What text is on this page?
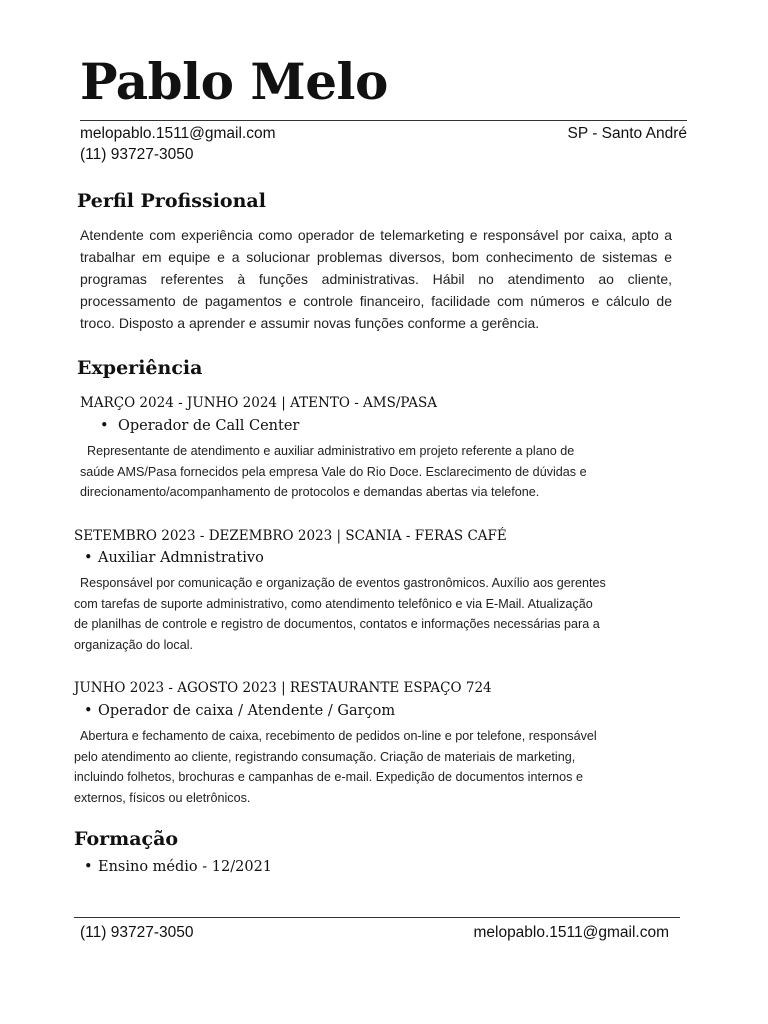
Pablo Melo
melopablo.1511@gmail.com	SP - Santo André
(11) 93727-3050
Perfil Profissional

Atendente com experiência como operador de telemarketing e responsável por caixa, apto a trabalhar em equipe e a solucionar problemas diversos, bom conhecimento de sistemas e programas referentes à funções administrativas. Hábil no atendimento ao cliente, processamento de pagamentos e controle financeiro, facilidade com números e cálculo de troco. Disposto a aprender e assumir novas funções conforme a gerência.

Experiência
MARÇO 2024 - JUNHO 2024 | ATENTO - AMS/PASA
• Operador de Call Center
Representante de atendimento e auxiliar administrativo em projeto referente a plano de
saúde AMS/Pasa fornecidos pela empresa Vale do Rio Doce. Esclarecimento de dúvidas e
direcionamento/acompanhamento de protocolos e demandas abertas via telefone.
SETEMBRO 2023 - DEZEMBRO 2023 | SCANIA - FERAS CAFÉ
• Auxiliar Admnistrativo
Responsável por comunicação e organização de eventos gastronômicos. Auxílio aos gerentes
com tarefas de suporte administrativo, como atendimento telefônico e via E-Mail. Atualização
de planilhas de controle e registro de documentos, contatos e informações necessárias para a
organização do local.
JUNHO 2023 - AGOSTO 2023 | RESTAURANTE ESPAÇO 724
• Operador de caixa / Atendente / Garçom
Abertura e fechamento de caixa, recebimento de pedidos on-line e por telefone, responsável
pelo atendimento ao cliente, registrando consumação. Criação de materiais de marketing,
incluindo folhetos, brochuras e campanhas de e-mail. Expedição de documentos internos e
externos, físicos ou eletrônicos.
Formação
• Ensino médio - 12/2021
(11) 93727-3050	melopablo.1511@gmail.com
